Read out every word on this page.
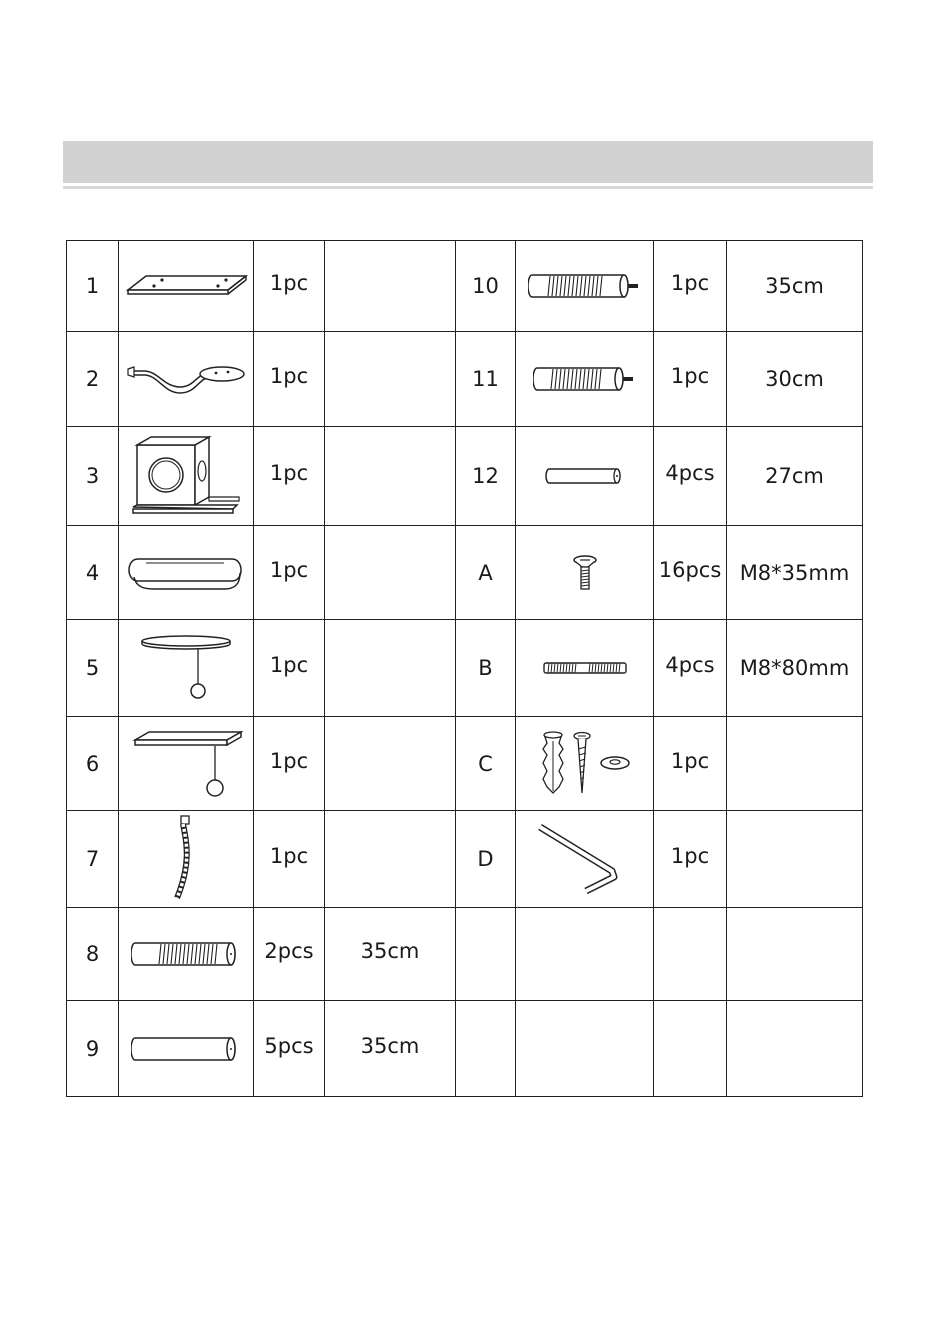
1		1pc		10		1pc	35cm
2		1pc		11		1pc	30cm
3		1pc		12		4pcs	27cm
4		1pc		A		16pcs	M8*35mm
5		1pc		B		4pcs	M8*80mm
6		1pc		C		1pc	
7		1pc		D		1pc	
8		2pcs	35cm				
9		5pcs	35cm				
